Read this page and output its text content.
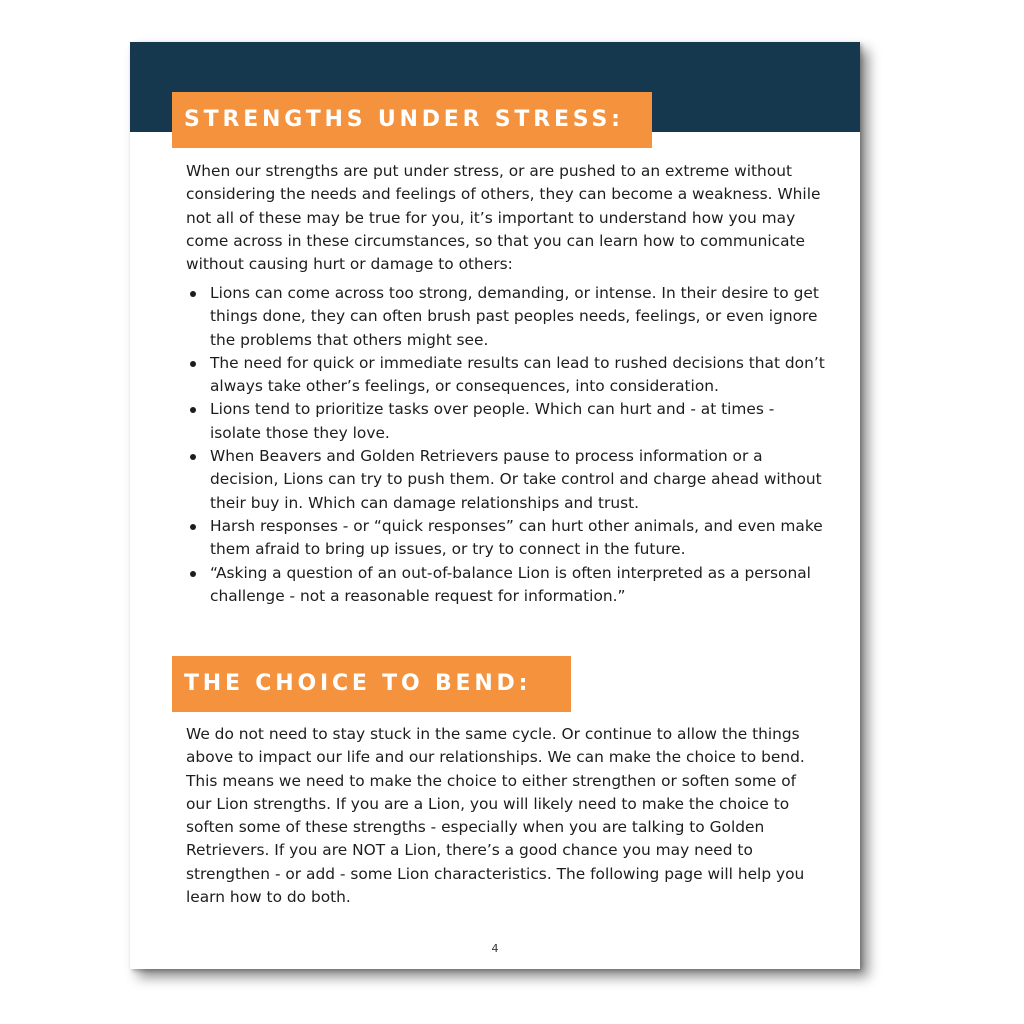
STRENGTHS UNDER STRESS:

When our strengths are put under stress, or are pushed to an extreme without considering the needs and feelings of others, they can become a weakness. While not all of these may be true for you, it’s important to understand how you may come across in these circumstances, so that you can learn how to communicate without causing hurt or damage to others:

Lions can come across too strong, demanding, or intense. In their desire to get things done, they can often brush past peoples needs, feelings, or even ignore the problems that others might see.
The need for quick or immediate results can lead to rushed decisions that don’t always take other’s feelings, or consequences, into consideration.
Lions tend to prioritize tasks over people. Which can hurt and - at times - isolate those they love.
When Beavers and Golden Retrievers pause to process information or a decision, Lions can try to push them. Or take control and charge ahead without their buy in. Which can damage relationships and trust.
Harsh responses - or “quick responses” can hurt other animals, and even make them afraid to bring up issues, or try to connect in the future.
“Asking a question of an out-of-balance Lion is often interpreted as a personal challenge - not a reasonable request for information.”
THE CHOICE TO BEND:

We do not need to stay stuck in the same cycle. Or continue to allow the things above to impact our life and our relationships. We can make the choice to bend. This means we need to make the choice to either strengthen or soften some of our Lion strengths. If you are a Lion, you will likely need to make the choice to soften some of these strengths - especially when you are talking to Golden Retrievers. If you are NOT a Lion, there’s a good chance you may need to strengthen - or add - some Lion characteristics. The following page will help you learn how to do both.

4
